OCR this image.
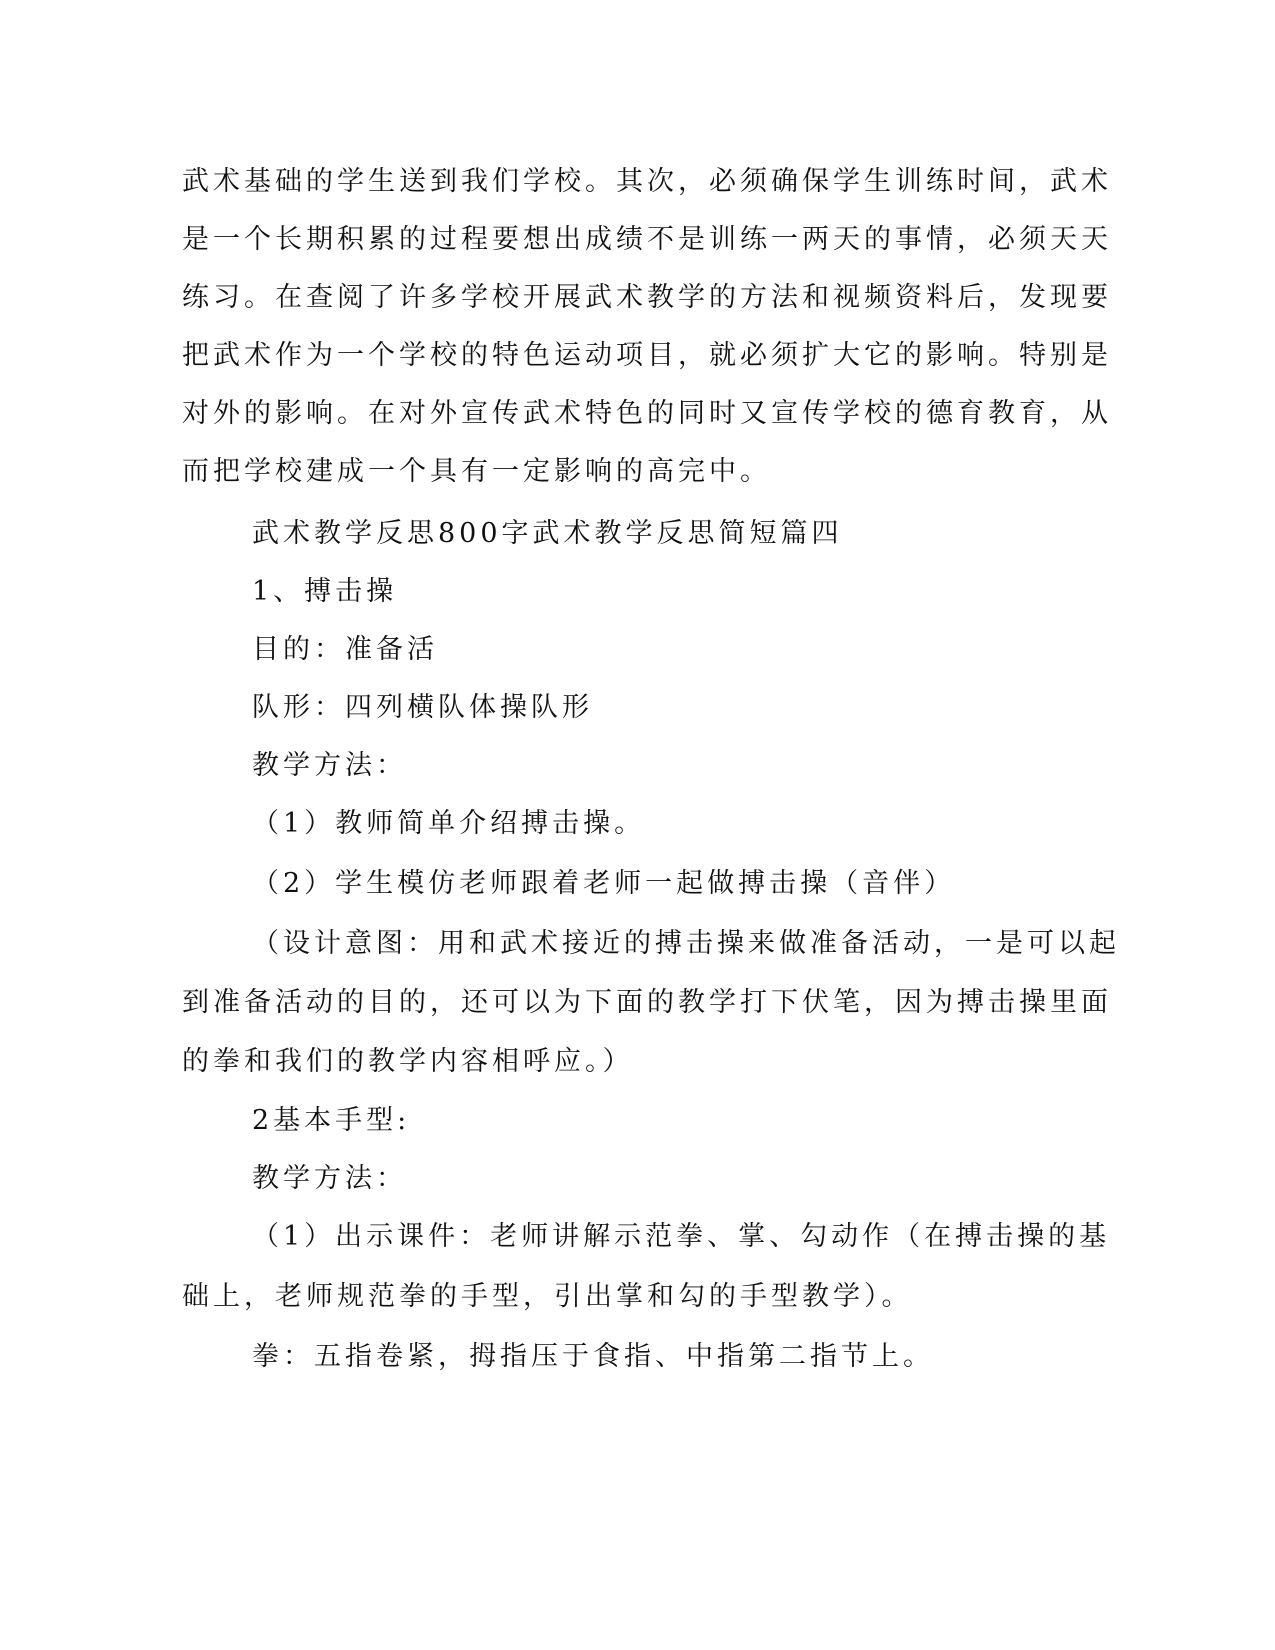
武术基础的学生送到我们学校。其次，必须确保学生训练时间，武术
是一个长期积累的过程要想出成绩不是训练一两天的事情，必须天天
练习。在查阅了许多学校开展武术教学的方法和视频资料后，发现要
把武术作为一个学校的特色运动项目，就必须扩大它的影响。特别是
对外的影响。在对外宣传武术特色的同时又宣传学校的德育教育，从
而把学校建成一个具有一定影响的高完中。
武术教学反思800字武术教学反思简短篇四
1、搏击操
目的：准备活
队形：四列横队体操队形
教学方法：
（1）教师简单介绍搏击操。
（2）学生模仿老师跟着老师一起做搏击操（音伴）
（设计意图：用和武术接近的搏击操来做准备活动，一是可以起
到准备活动的目的，还可以为下面的教学打下伏笔，因为搏击操里面
的拳和我们的教学内容相呼应。）
2基本手型:
教学方法：
（1）出示课件：老师讲解示范拳、掌、勾动作（在搏击操的基
础上，老师规范拳的手型，引出掌和勾的手型教学）。
拳：五指卷紧，拇指压于食指、中指第二指节上。
